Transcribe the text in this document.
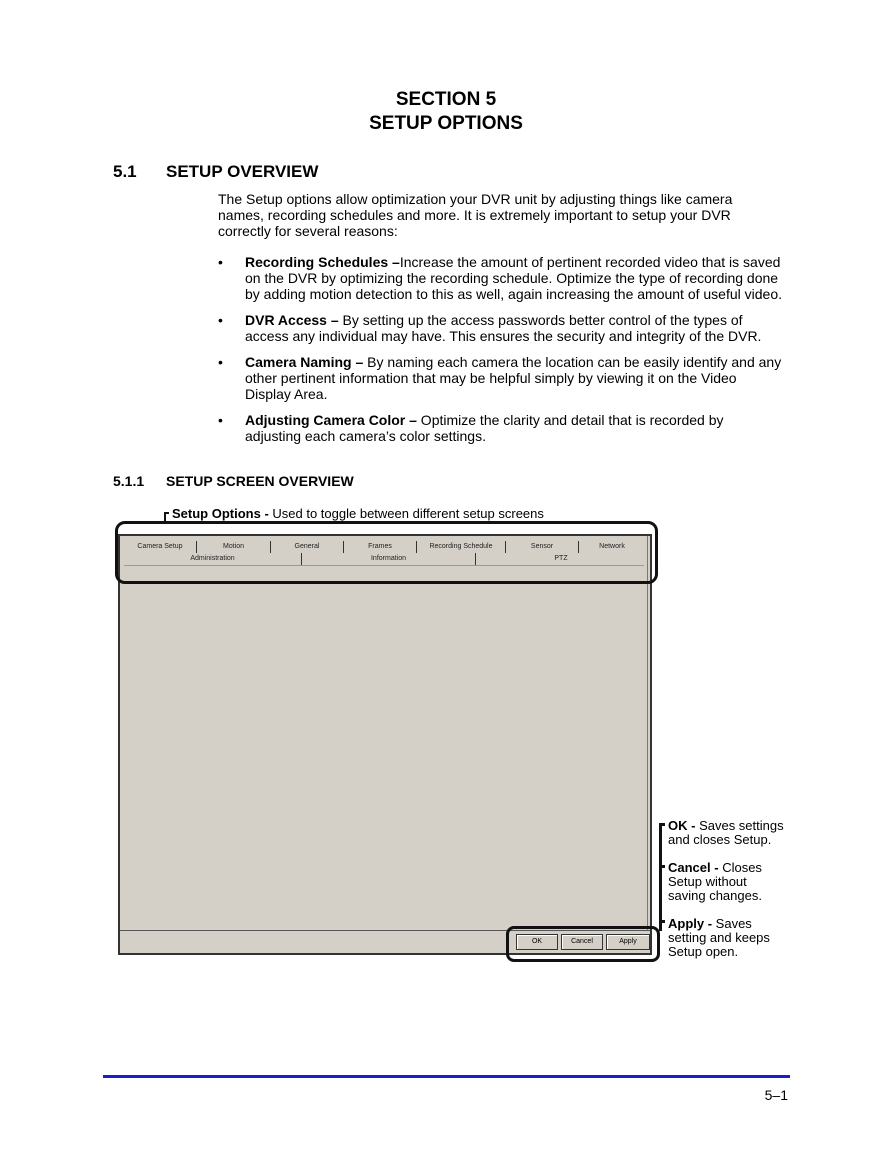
SECTION 5
SETUP OPTIONS
5.1 SETUP OVERVIEW
The Setup options allow optimization your DVR unit by adjusting things like camera
names, recording schedules and more. It is extremely important to setup your DVR
correctly for several reasons:
• Recording Schedules –Increase the amount of pertinent recorded video that is saved on the DVR by optimizing the recording schedule. Optimize the type of recording done by adding motion detection to this as well, again increasing the amount of useful video.
• DVR Access – By setting up the access passwords better control of the types of access any individual may have. This ensures the security and integrity of the DVR.
• Camera Naming – By naming each camera the location can be easily identify and any other pertinent information that may be helpful simply by viewing it on the Video Display Area.
• Adjusting Camera Color – Optimize the clarity and detail that is recorded by adjusting each camera’s color settings.
5.1.1 SETUP SCREEN OVERVIEW
Setup Options - Used to toggle between different setup screens
Camera Setup	Motion	General	Frames	Recording Schedule	Sensor	Network
Administration	Information	PTZ
OK	Cancel	Apply
OK - Saves settings
and closes Setup.
Cancel - Closes
Setup without
saving changes.
Apply - Saves
setting and keeps
Setup open.
5–1
